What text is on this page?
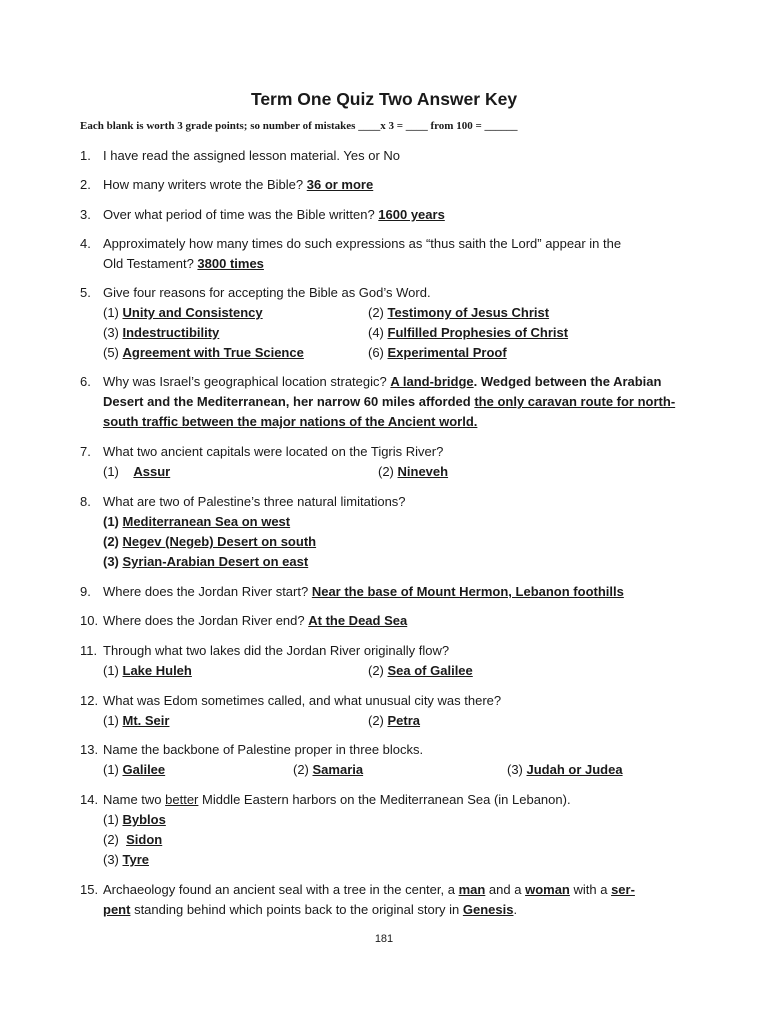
Term One Quiz Two Answer Key
Each blank is worth 3 grade points; so number of mistakes ____x 3 = ____ from 100 = ______
1. I have read the assigned lesson material. Yes or No
2. How many writers wrote the Bible? 36 or more
3. Over what period of time was the Bible written? 1600 years
4. Approximately how many times do such expressions as “thus saith the Lord” appear in the
Old Testament? 3800 times
5. Give four reasons for accepting the Bible as God’s Word.
(1) Unity and Consistency	(2) Testimony of Jesus Christ
(3) Indestructibility	(4) Fulfilled Prophesies of Christ
(5) Agreement with True Science	(6) Experimental Proof
6. Why was Israel’s geographical location strategic? A land-bridge. Wedged between the Arabian Desert and the Mediterranean, her narrow 60 miles afforded the only caravan route for north-south traffic between the major nations of the Ancient world.
7. What two ancient capitals were located on the Tigris River?
(1)    Assur	(2) Nineveh
8. What are two of Palestine’s three natural limitations?
(1) Mediterranean Sea on west
(2) Negev (Negeb) Desert on south
(3) Syrian-Arabian Desert on east
9. Where does the Jordan River start? Near the base of Mount Hermon, Lebanon foothills
10. Where does the Jordan River end? At the Dead Sea
11. Through what two lakes did the Jordan River originally flow?
(1) Lake Huleh	(2) Sea of Galilee
12. What was Edom sometimes called, and what unusual city was there?
(1) Mt. Seir	(2) Petra
13. Name the backbone of Palestine proper in three blocks.
(1) Galilee	(2) Samaria	(3) Judah or Judea
14. Name two better Middle Eastern harbors on the Mediterranean Sea (in Lebanon).
(1) Byblos
(2)  Sidon
(3) Tyre
15. Archaeology found an ancient seal with a tree in the center, a man and a woman with a ser-
pent standing behind which points back to the original story in Genesis.
181
